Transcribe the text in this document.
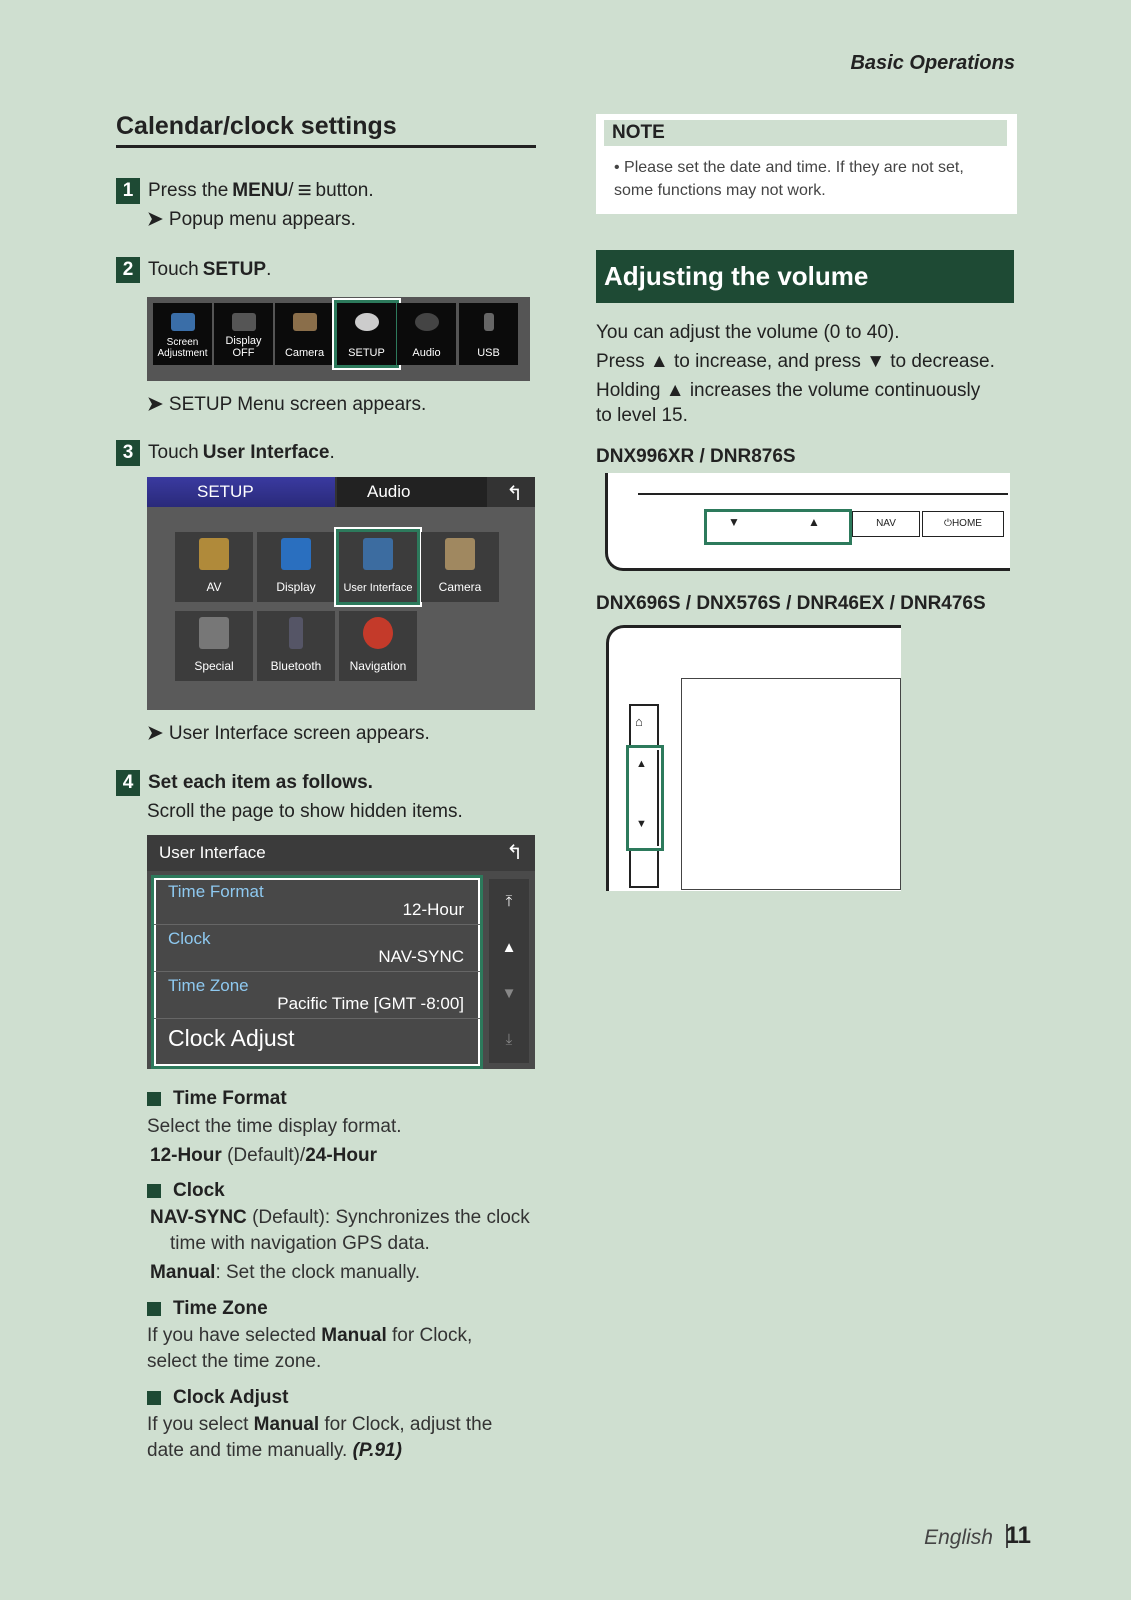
Basic Operations
Calendar/clock settings
1 Press the MENU / ≡ button.
➤ Popup menu appears.
2 Touch SETUP .
Screen Adjustment
Display OFF	Camera	SETUP	Audio	USB
➤ SETUP Menu screen appears.
3 Touch User Interface .
SETUP	Audio	↰
AV	Display	User Interface	Camera
Special	Bluetooth	Navigation
➤ User Interface screen appears.
4 Set each item as follows.
Scroll the page to show hidden items.
User Interface	↰
Time Format
12-Hour
Clock
NAV-SYNC
Time Zone
Pacific Time [GMT -8:00]
Clock Adjust
⤒
▲
▼
⤓
Time Format
Select the time display format.
12-Hour (Default)/24-Hour
Clock
NAV-SYNC (Default): Synchronizes the clock
time with navigation GPS data.
Manual: Set the clock manually.
Time Zone
If you have selected Manual for Clock,
select the time zone.
Clock Adjust
If you select Manual for Clock, adjust the
date and time manually. (P.91)
NOTE
• Please set the date and time. If they are not set, some functions may not work.
Adjusting the volume
You can adjust the volume (0 to 40).
Press ▲ to increase, and press ▼ to decrease.
Holding ▲ increases the volume continuously
to level 15.
DNX996XR / DNR876S
▼	▲	NAV	⏻HOME
DNX696S / DNX576S / DNR46EX / DNR476S
▲
▼
⌂
English 11
